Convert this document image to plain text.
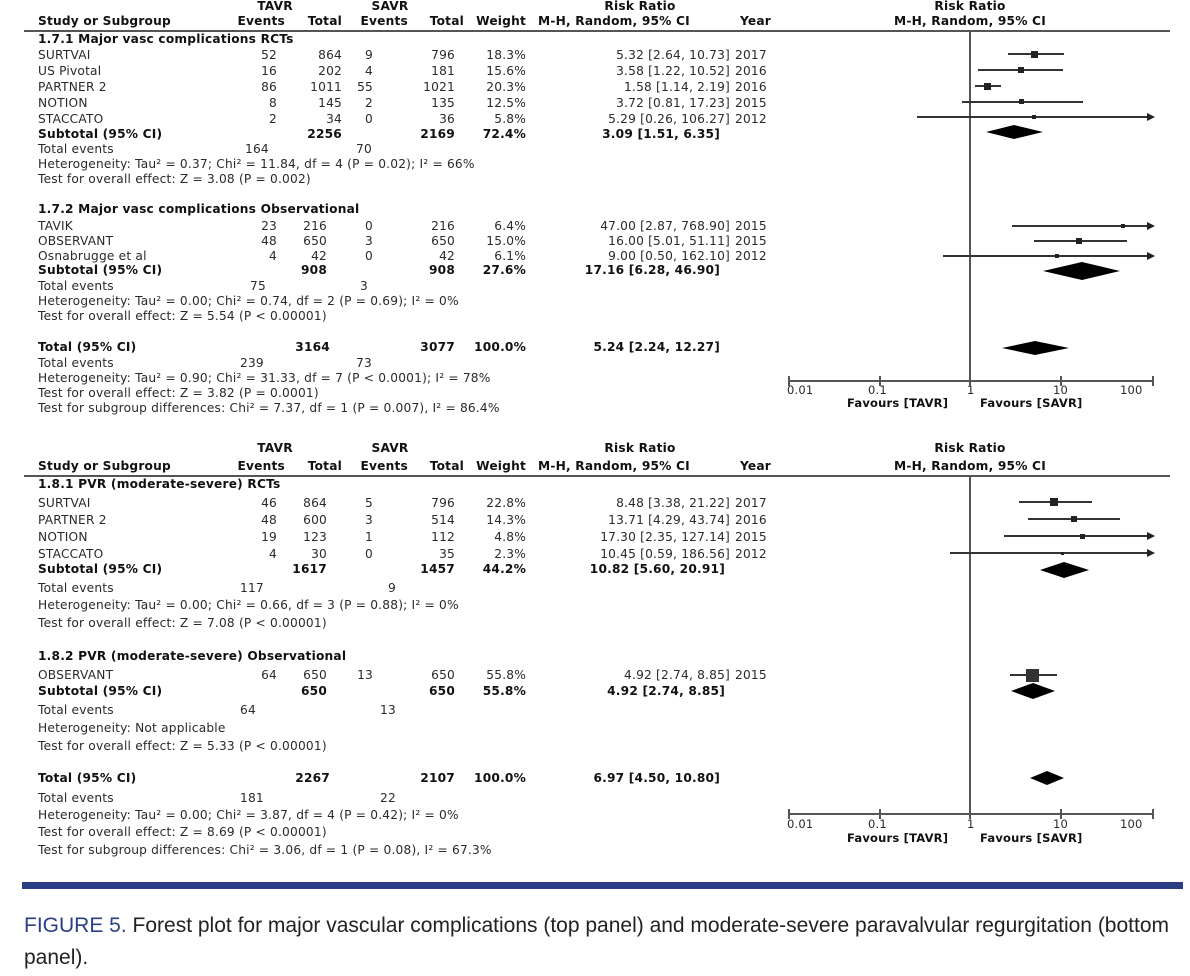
TAVR	SAVR	Risk Ratio	Risk Ratio
Study or Subgroup	Events	Total	Events	Total Weight M-H, Random, 95% CI	Year	M-H, Random, 95% CI
1.7.1 Major vasc complications RCTs
SURTVAI	52	864	9	796	18.3%	5.32 [2.64, 10.73] 2017
US Pivotal	16	202	4	181	15.6%	3.58 [1.22, 10.52] 2016
PARTNER 2	86	1011	55	1021	20.3%	1.58 [1.14, 2.19] 2016
NOTION	8	145	2	135	12.5%	3.72 [0.81, 17.23] 2015
STACCATO	2	34	0	36	5.8%	5.29 [0.26, 106.27] 2012
Subtotal (95% CI)	2256	2169	72.4%	3.09 [1.51, 6.35]
Total events	164	70
Heterogeneity: Tau² = 0.37; Chi² = 11.84, df = 4 (P = 0.02); I² = 66%
Test for overall effect: Z = 3.08 (P = 0.002)
1.7.2 Major vasc complications Observational
TAVIK	23	216	0	216	6.4%	47.00 [2.87, 768.90] 2015
OBSERVANT	48	650	3	650	15.0%	16.00 [5.01, 51.11] 2015
Osnabrugge et al	4	42	0	42	6.1%	9.00 [0.50, 162.10] 2012
Subtotal (95% CI)	908	908	27.6%	17.16 [6.28, 46.90]
Total events	75	3
Heterogeneity: Tau² = 0.00; Chi² = 0.74, df = 2 (P = 0.69); I² = 0%
Test for overall effect: Z = 5.54 (P < 0.00001)
Total (95% CI)	3164	3077	100.0%	5.24 [2.24, 12.27]
Total events	239	73
Heterogeneity: Tau² = 0.90; Chi² = 31.33, df = 7 (P < 0.0001); I² = 78%
Test for overall effect: Z = 3.82 (P = 0.0001)
Test for subgroup differences: Chi² = 7.37, df = 1 (P = 0.007), I² = 86.4%
0.01	0.1	1	10	100
Favours [TAVR]	Favours [SAVR]
TAVR	SAVR	Risk Ratio	Risk Ratio
Study or Subgroup	Events	Total	Events	Total Weight M-H, Random, 95% CI	Year	M-H, Random, 95% CI
1.8.1 PVR (moderate-severe) RCTs
SURTVAI	46	864	5	796	22.8%	8.48 [3.38, 21.22] 2017
PARTNER 2	48	600	3	514	14.3%	13.71 [4.29, 43.74] 2016
NOTION	19	123	1	112	4.8%	17.30 [2.35, 127.14] 2015
STACCATO	4	30	0	35	2.3%	10.45 [0.59, 186.56] 2012
Subtotal (95% CI)	1617	1457	44.2%	10.82 [5.60, 20.91]
Total events	117	9
Heterogeneity: Tau² = 0.00; Chi² = 0.66, df = 3 (P = 0.88); I² = 0%
Test for overall effect: Z = 7.08 (P < 0.00001)
1.8.2 PVR (moderate-severe) Observational
OBSERVANT	64	650	13	650	55.8%	4.92 [2.74, 8.85] 2015
Subtotal (95% CI)	650	650	55.8%	4.92 [2.74, 8.85]
Total events	64	13
Heterogeneity: Not applicable
Test for overall effect: Z = 5.33 (P < 0.00001)
Total (95% CI)	2267	2107	100.0%	6.97 [4.50, 10.80]
Total events	181	22
Heterogeneity: Tau² = 0.00; Chi² = 3.87, df = 4 (P = 0.42); I² = 0%
Test for overall effect: Z = 8.69 (P < 0.00001)
Test for subgroup differences: Chi² = 3.06, df = 1 (P = 0.08), I² = 67.3%
0.01	0.1	1	10	100
Favours [TAVR]	Favours [SAVR]
FIGURE 5. Forest plot for major vascular complications (top panel) and moderate-severe paravalvular regurgitation (bottom panel).
